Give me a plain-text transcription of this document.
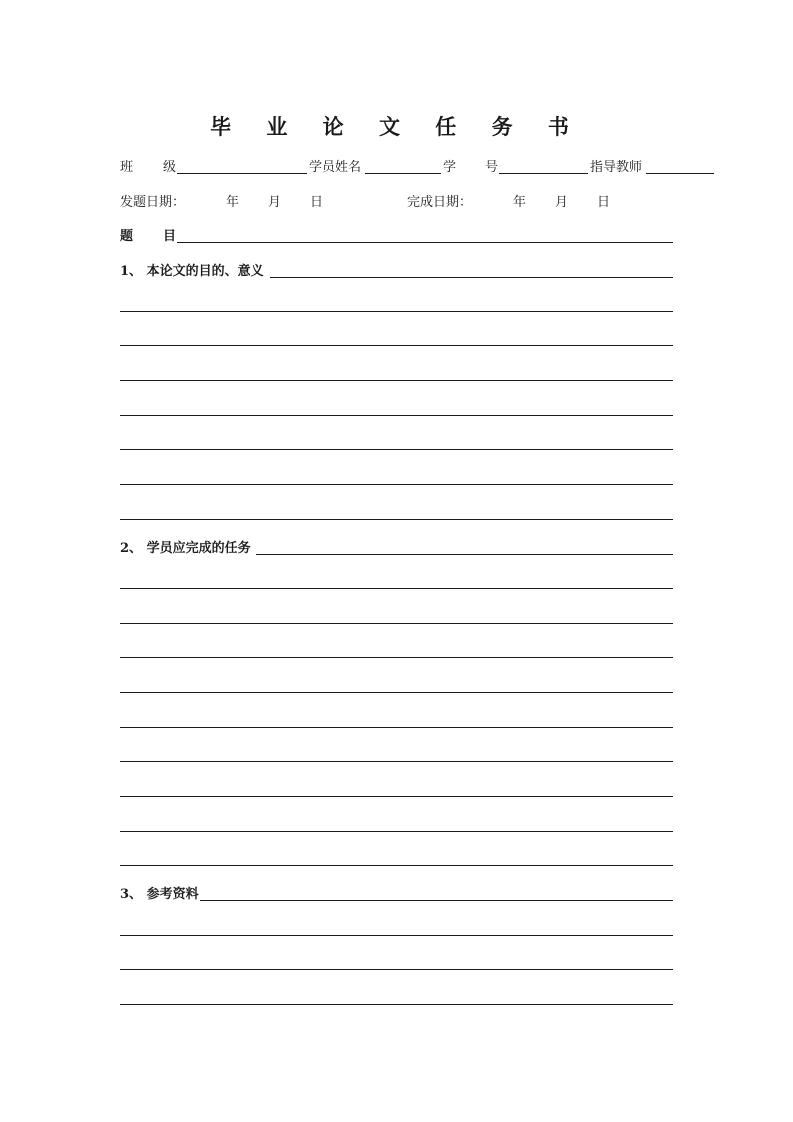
毕 业 论 文 任 务 书
班 级	学员姓名	学 号	指导教师
发题日期：	年 月 日	完成日期：	年 月 日
题 目
1、 本论文的目的、意义
2、 学员应完成的任务
3、 参考资料
